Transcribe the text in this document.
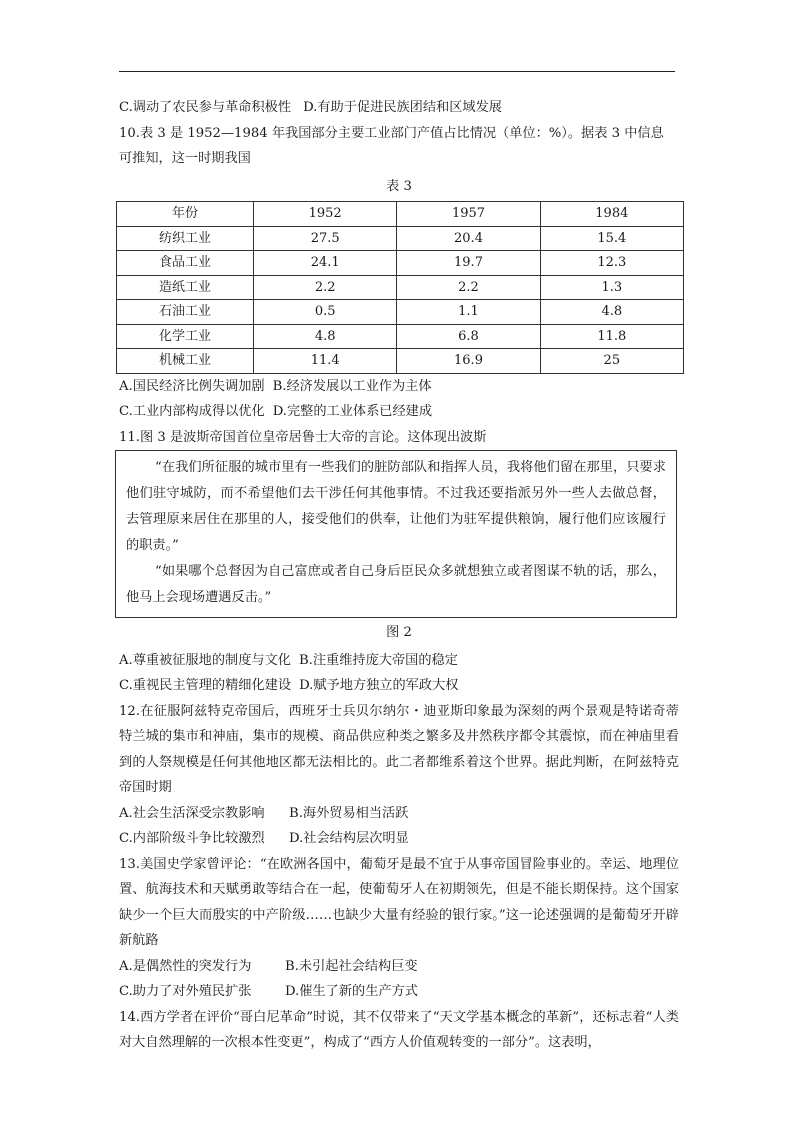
C.调动了农民参与革命积极性 D.有助于促进民族团结和区域发展
10.表 3 是 1952—1984 年我国部分主要工业部门产值占比情况（单位：%）。据表 3 中信息
可推知，这一时期我国
表 3
年份	1952	1957	1984
纺织工业	27.5	20.4	15.4
食品工业	24.1	19.7	12.3
造纸工业	2.2	2.2	1.3
石油工业	0.5	1.1	4.8
化学工业	4.8	6.8	11.8
机械工业	11.4	16.9	25
A.国民经济比例失调加剧 B.经济发展以工业作为主体
C.工业内部构成得以优化 D.完整的工业体系已经建成
11.图 3 是波斯帝国首位皇帝居鲁士大帝的言论。这体现出波斯

“在我们所征服的城市里有一些我们的脏防部队和指挥人员，我将他们留在那里，只要求他们驻守城防，而不希望他们去干涉任何其他事情。不过我还要指派另外一些人去做总督，去管理原来居住在那里的人，接受他们的供奉，让他们为驻军提供粮饷，履行他们应该履行的职责。”

“如果哪个总督因为自己富庶或者自己身后臣民众多就想独立或者图谋不轨的话，那么，他马上会现场遭遇反击。”

图 2
A.尊重被征服地的制度与文化 B.注重维持庞大帝国的稳定
C.重视民主管理的精细化建设 D.赋予地方独立的军政大权
12.在征服阿兹特克帝国后，西班牙士兵贝尔纳尔・迪亚斯印象最为深刻的两个景观是特诺奇蒂特兰城的集市和神庙，集市的规模、商品供应种类之繁多及井然秩序都令其震惊，而在神庙里看到的人祭规模是任何其他地区都无法相比的。此二者都维系着这个世界。据此判断，在阿兹特克帝国时期
A.社会生活深受宗教影响 B.海外贸易相当活跃
C.内部阶级斗争比较激烈 D.社会结构层次明显
13.美国史学家曾评论：“在欧洲各国中，葡萄牙是最不宜于从事帝国冒险事业的。幸运、地理位置、航海技术和天赋勇敢等结合在一起，使葡萄牙人在初期领先，但是不能长期保持。这个国家缺少一个巨大而殷实的中产阶级……也缺少大量有经验的银行家。”这一论述强调的是葡萄牙开辟新航路
A.是偶然性的突发行为	B.未引起社会结构巨变
C.助力了对外殖民扩张	D.催生了新的生产方式
14.西方学者在评价“哥白尼革命”时说，其不仅带来了“天文学基本概念的革新”，还标志着“人类对大自然理解的一次根本性变更”，构成了“西方人价值观转变的一部分”。这表明，
